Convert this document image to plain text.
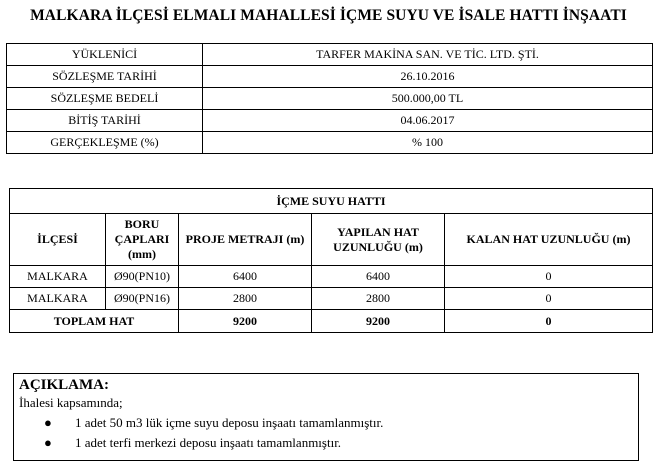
MALKARA İLÇESİ ELMALI MAHALLESİ İÇME SUYU VE İSALE HATTI İNŞAATI
YÜKLENİCİ	TARFER MAKİNA SAN. VE TİC. LTD. ŞTİ.
SÖZLEŞME TARİHİ	26.10.2016
SÖZLEŞME BEDELİ	500.000,00 TL
BİTİŞ TARİHİ	04.06.2017
GERÇEKLEŞME (%)	% 100
İÇME SUYU HATTI				
İLÇESİ	BORU ÇAPLARI (mm)	PROJE METRAJI (m)	YAPILAN HAT UZUNLUĞU (m)	KALAN HAT UZUNLUĞU (m)
MALKARA	Ø90(PN10)	6400	6400	0
MALKARA	Ø90(PN16)	2800	2800	0
TOPLAM HAT		9200	9200	0
AÇIKLAMA:
İhalesi kapsamında;
● 1 adet 50 m3 lük içme suyu deposu inşaatı tamamlanmıştır.
● 1 adet terfi merkezi deposu inşaatı tamamlanmıştır.
